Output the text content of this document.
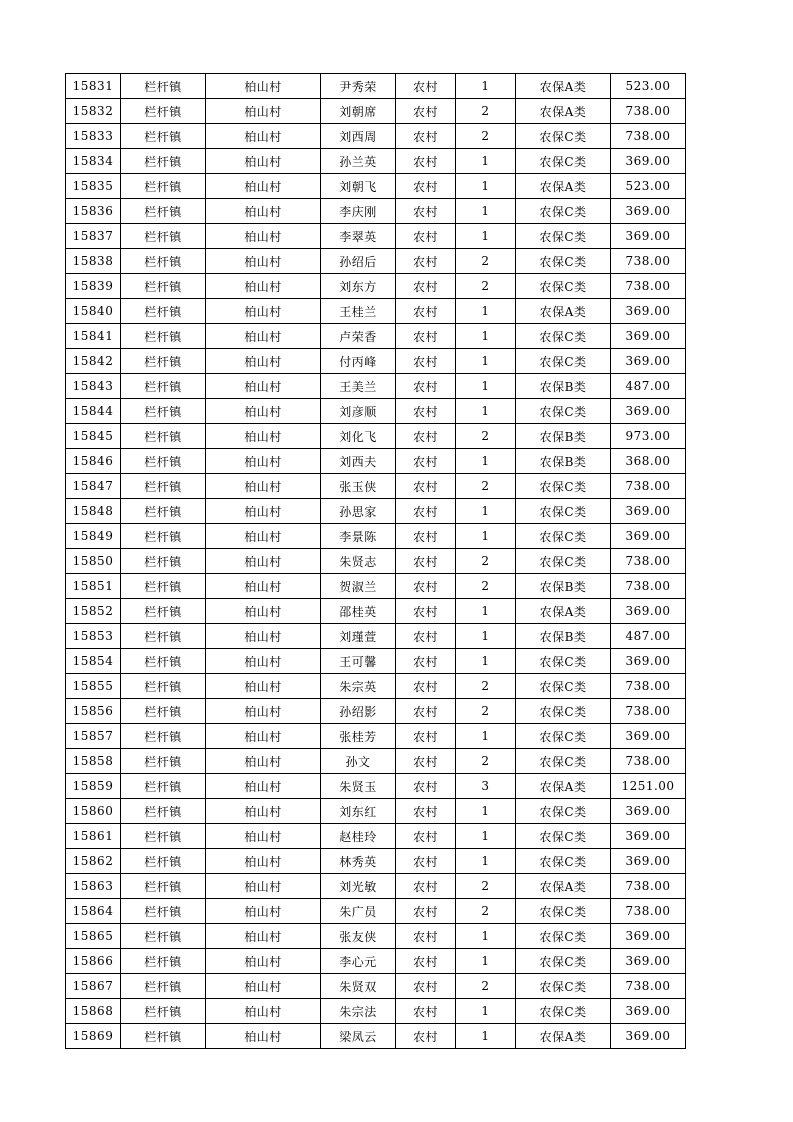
15831	栏杆镇	柏山村	尹秀荣	农村	1	农保A类	523.00
15832	栏杆镇	柏山村	刘朝席	农村	2	农保A类	738.00
15833	栏杆镇	柏山村	刘西周	农村	2	农保C类	738.00
15834	栏杆镇	柏山村	孙兰英	农村	1	农保C类	369.00
15835	栏杆镇	柏山村	刘朝飞	农村	1	农保A类	523.00
15836	栏杆镇	柏山村	李庆刚	农村	1	农保C类	369.00
15837	栏杆镇	柏山村	李翠英	农村	1	农保C类	369.00
15838	栏杆镇	柏山村	孙绍后	农村	2	农保C类	738.00
15839	栏杆镇	柏山村	刘东方	农村	2	农保C类	738.00
15840	栏杆镇	柏山村	王桂兰	农村	1	农保A类	369.00
15841	栏杆镇	柏山村	卢荣香	农村	1	农保C类	369.00
15842	栏杆镇	柏山村	付丙峰	农村	1	农保C类	369.00
15843	栏杆镇	柏山村	王美兰	农村	1	农保B类	487.00
15844	栏杆镇	柏山村	刘彦顺	农村	1	农保C类	369.00
15845	栏杆镇	柏山村	刘化飞	农村	2	农保B类	973.00
15846	栏杆镇	柏山村	刘西夫	农村	1	农保B类	368.00
15847	栏杆镇	柏山村	张玉侠	农村	2	农保C类	738.00
15848	栏杆镇	柏山村	孙思家	农村	1	农保C类	369.00
15849	栏杆镇	柏山村	李景陈	农村	1	农保C类	369.00
15850	栏杆镇	柏山村	朱贤志	农村	2	农保C类	738.00
15851	栏杆镇	柏山村	贺淑兰	农村	2	农保B类	738.00
15852	栏杆镇	柏山村	邵桂英	农村	1	农保A类	369.00
15853	栏杆镇	柏山村	刘瑾萱	农村	1	农保B类	487.00
15854	栏杆镇	柏山村	王可馨	农村	1	农保C类	369.00
15855	栏杆镇	柏山村	朱宗英	农村	2	农保C类	738.00
15856	栏杆镇	柏山村	孙绍影	农村	2	农保C类	738.00
15857	栏杆镇	柏山村	张桂芳	农村	1	农保C类	369.00
15858	栏杆镇	柏山村	孙文	农村	2	农保C类	738.00
15859	栏杆镇	柏山村	朱贤玉	农村	3	农保A类	1251.00
15860	栏杆镇	柏山村	刘东红	农村	1	农保C类	369.00
15861	栏杆镇	柏山村	赵桂玲	农村	1	农保C类	369.00
15862	栏杆镇	柏山村	林秀英	农村	1	农保C类	369.00
15863	栏杆镇	柏山村	刘光敏	农村	2	农保A类	738.00
15864	栏杆镇	柏山村	朱广员	农村	2	农保C类	738.00
15865	栏杆镇	柏山村	张友侠	农村	1	农保C类	369.00
15866	栏杆镇	柏山村	李心元	农村	1	农保C类	369.00
15867	栏杆镇	柏山村	朱贤双	农村	2	农保C类	738.00
15868	栏杆镇	柏山村	朱宗法	农村	1	农保C类	369.00
15869	栏杆镇	柏山村	梁凤云	农村	1	农保A类	369.00
